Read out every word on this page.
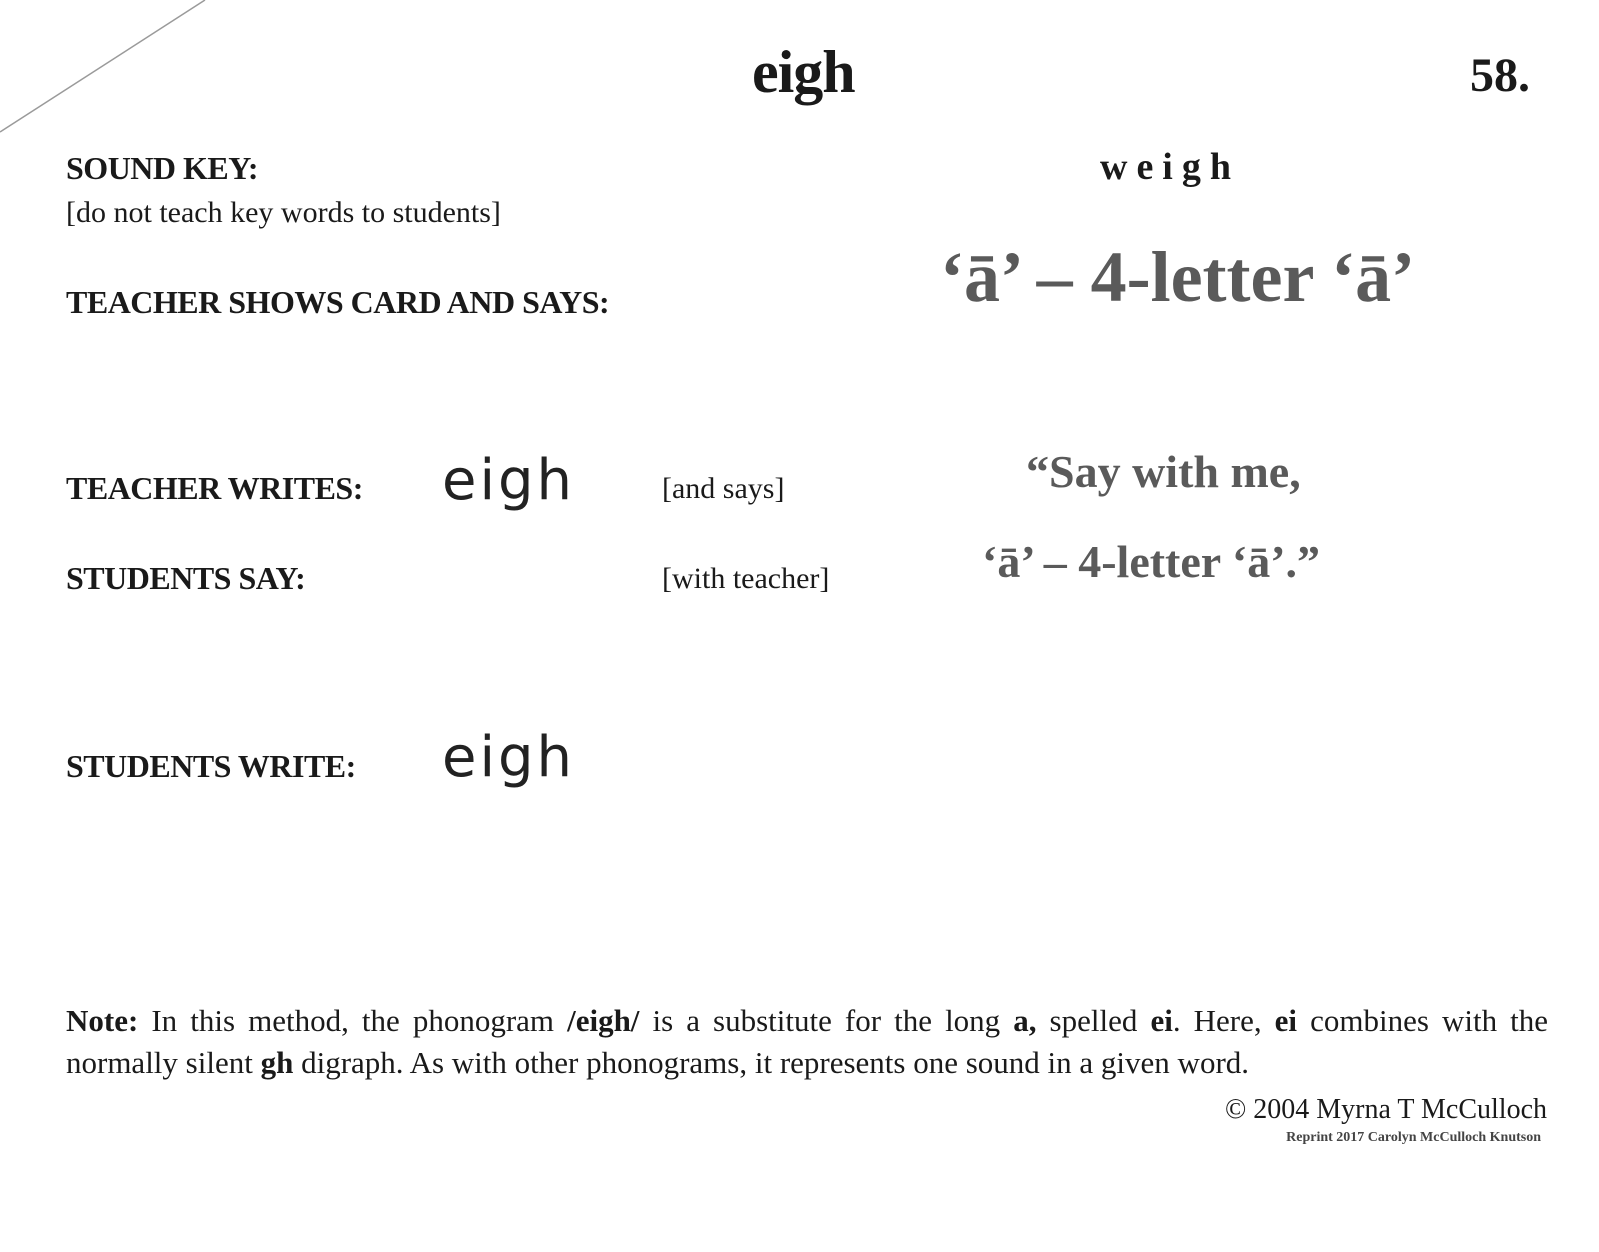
eigh	58.
SOUND KEY:
[do not teach key words to students]
weigh
TEACHER SHOWS CARD AND SAYS:	‘ā’ – 4-letter ‘ā’
TEACHER WRITES: eigh	[and says]	“Say with me,
STUDENTS SAY:	[with teacher]	‘ā’ – 4-letter ‘ā’.”
STUDENTS WRITE: eigh
Note: In this method, the phonogram /eigh/ is a substitute for the long a, spelled ei. Here, ei combines with the normally silent gh digraph. As with other phonograms, it represents one sound in a given word.
© 2004 Myrna T McCulloch
Reprint 2017 Carolyn McCulloch Knutson
